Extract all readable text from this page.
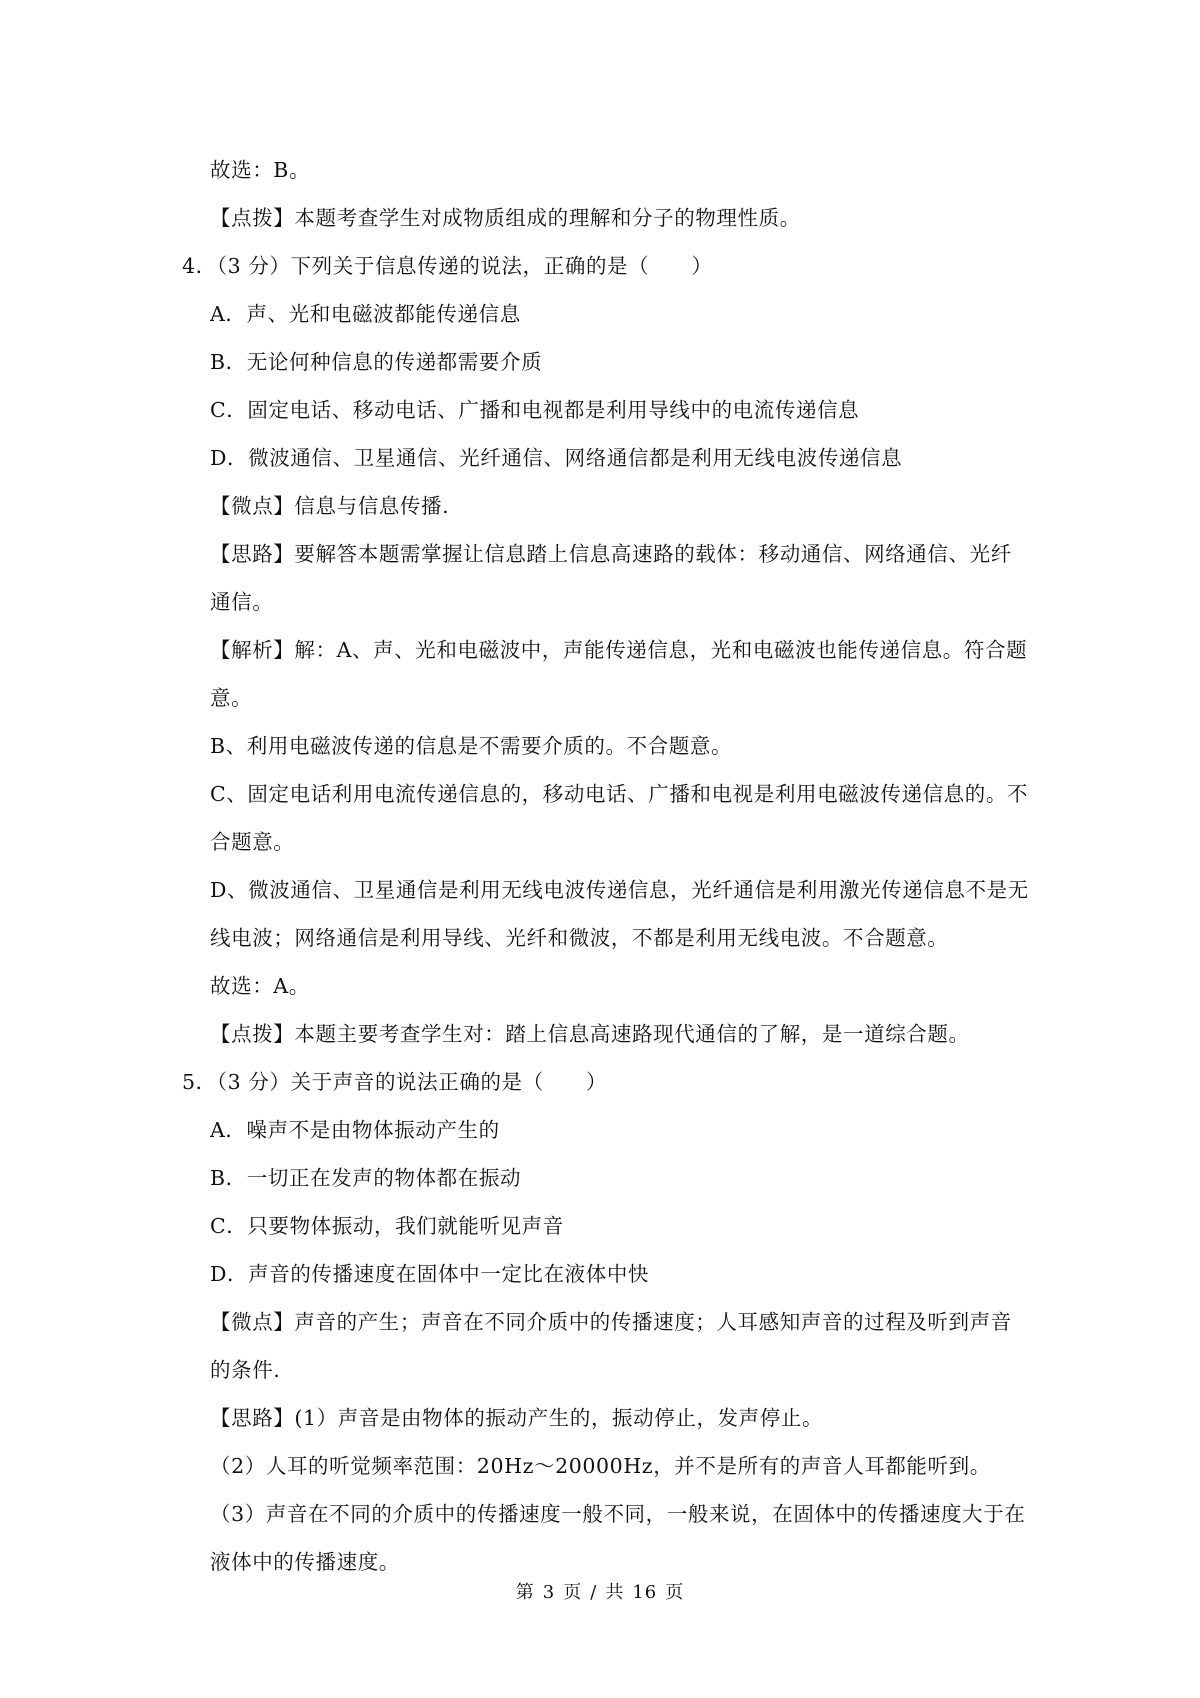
故选：B。
【点拨】本题考查学生对成物质组成的理解和分子的物理性质。
4．（3 分）下列关于信息传递的说法，正确的是（　　）
A．声、光和电磁波都能传递信息
B．无论何种信息的传递都需要介质
C．固定电话、移动电话、广播和电视都是利用导线中的电流传递信息
D．微波通信、卫星通信、光纤通信、网络通信都是利用无线电波传递信息
【微点】信息与信息传播.
【思路】要解答本题需掌握让信息踏上信息高速路的载体：移动通信、网络通信、光纤
通信。
【解析】解：A、声、光和电磁波中，声能传递信息，光和电磁波也能传递信息。符合题
意。
B、利用电磁波传递的信息是不需要介质的。不合题意。
C、固定电话利用电流传递信息的，移动电话、广播和电视是利用电磁波传递信息的。不
合题意。
D、微波通信、卫星通信是利用无线电波传递信息，光纤通信是利用激光传递信息不是无
线电波；网络通信是利用导线、光纤和微波，不都是利用无线电波。不合题意。
故选：A。
【点拨】本题主要考查学生对：踏上信息高速路现代通信的了解，是一道综合题。
5．（3 分）关于声音的说法正确的是（　　）
A．噪声不是由物体振动产生的
B．一切正在发声的物体都在振动
C．只要物体振动，我们就能听见声音
D．声音的传播速度在固体中一定比在液体中快
【微点】声音的产生；声音在不同介质中的传播速度；人耳感知声音的过程及听到声音
的条件.
【思路】(1）声音是由物体的振动产生的，振动停止，发声停止。
（2）人耳的听觉频率范围：20Hz～20000Hz，并不是所有的声音人耳都能听到。
（3）声音在不同的介质中的传播速度一般不同，一般来说，在固体中的传播速度大于在
液体中的传播速度。
第 3 页 / 共 16 页
